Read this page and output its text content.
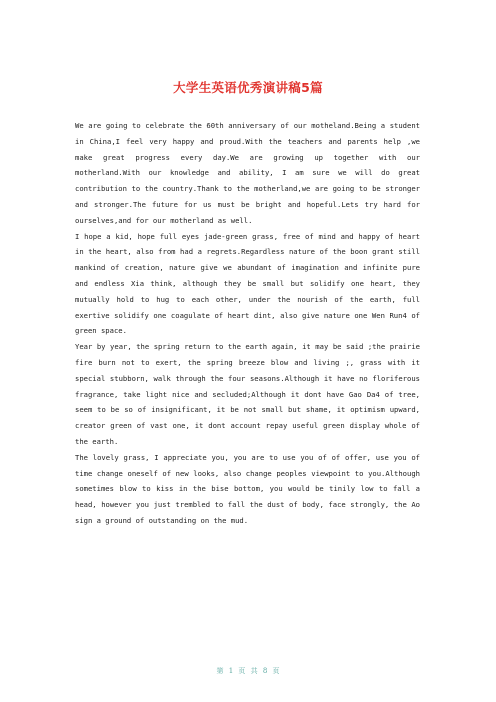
大学生英语优秀演讲稿5篇

We are going to celebrate the 60th anniversary of our motheland.Being a student in China,I feel very happy and proud.With the teachers and parents help ,we make great progress every day.We are growing up together with our motherland.With our knowledge and ability, I am sure we will do great contribution to the country.Thank to the motherland,we are going to be stronger and stronger.The future for us must be bright and hopeful.Lets try hard for ourselves,and for our motherland as well.

I hope a kid, hope full eyes jade-green grass, free of mind and happy of heart in the heart, also from had a regrets.Regardless nature of the boon grant still mankind of creation, nature give we abundant of imagination and infinite pure and endless Xia think, although they be small but solidify one heart, they mutually hold to hug to each other, under the nourish of the earth, full exertive solidify one coagulate of heart dint, also give nature one Wen Run4 of green space.

Year by year, the spring return to the earth again, it may be said ;the prairie fire burn not to exert, the spring breeze blow and living ;, grass with it special stubborn, walk through the four seasons.Although it have no floriferous fragrance, take light nice and secluded;Although it dont have Gao Da4 of tree, seem to be so of insignificant, it be not small but shame, it optimism upward, creator green of vast one, it dont account repay useful green display whole of the earth.

The lovely grass, I appreciate you, you are to use you of of offer, use you of time change oneself of new looks, also change peoples viewpoint to you.Although sometimes blow to kiss in the bise bottom, you would be tinily low to fall a head, however you just trembled to fall the dust of body, face strongly, the Ao sign a ground of outstanding on the mud.

第 1 页 共 8 页
